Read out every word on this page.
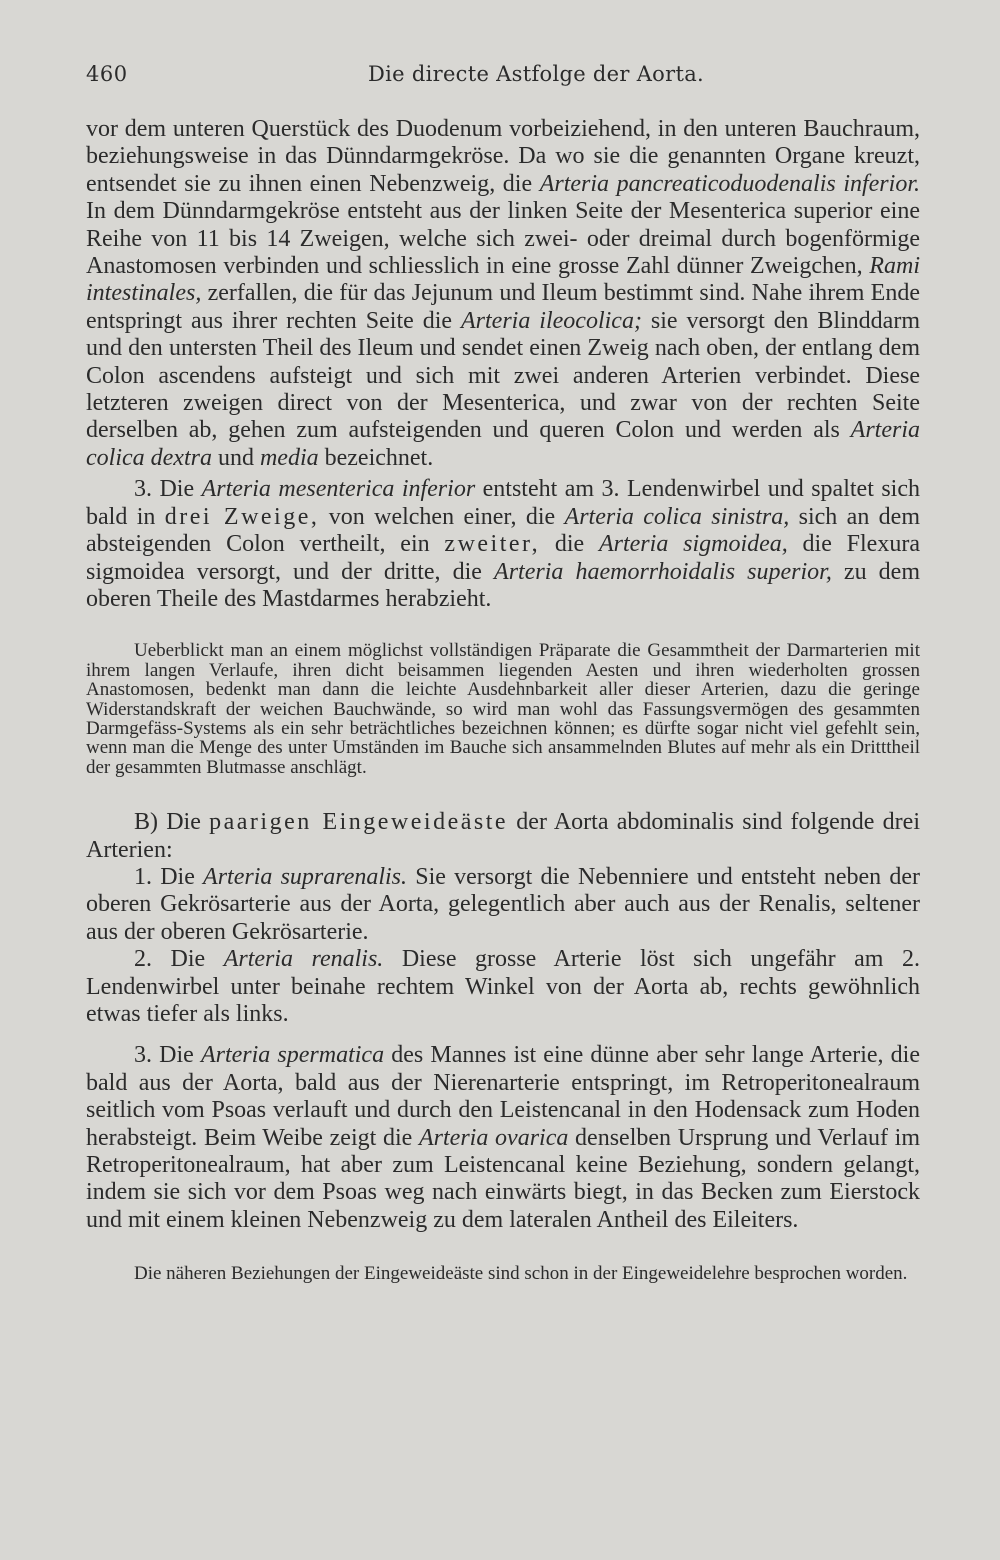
460	Die directe Astfolge der Aorta.

vor dem unteren Querstück des Duodenum vorbeiziehend, in den unteren Bauchraum, beziehungsweise in das Dünndarmgekröse. Da wo sie die genannten Organe kreuzt, entsendet sie zu ihnen einen Nebenzweig, die Arteria pancreaticoduodenalis inferior. In dem Dünndarmgekröse entsteht aus der linken Seite der Mesenterica superior eine Reihe von 11 bis 14 Zweigen, welche sich zwei- oder dreimal durch bogenförmige Anastomosen verbinden und schliesslich in eine grosse Zahl dünner Zweigchen, Rami intestinales, zerfallen, die für das Jejunum und Ileum bestimmt sind. Nahe ihrem Ende entspringt aus ihrer rechten Seite die Arteria ileocolica; sie versorgt den Blinddarm und den untersten Theil des Ileum und sendet einen Zweig nach oben, der entlang dem Colon ascendens aufsteigt und sich mit zwei anderen Arterien verbindet. Diese letzteren zweigen direct von der Mesenterica, und zwar von der rechten Seite derselben ab, gehen zum aufsteigenden und queren Colon und werden als Arteria colica dextra und media bezeichnet.

3. Die Arteria mesenterica inferior entsteht am 3. Lendenwirbel und spaltet sich bald in drei Zweige, von welchen einer, die Arteria colica sinistra, sich an dem absteigenden Colon vertheilt, ein zweiter, die Arteria sigmoidea, die Flexura sigmoidea versorgt, und der dritte, die Arteria haemorrhoidalis superior, zu dem oberen Theile des Mastdarmes herabzieht.

Ueberblickt man an einem möglichst vollständigen Präparate die Gesammtheit der Darmarterien mit ihrem langen Verlaufe, ihren dicht beisammen liegenden Aesten und ihren wiederholten grossen Anastomosen, bedenkt man dann die leichte Ausdehnbarkeit aller dieser Arterien, dazu die geringe Widerstandskraft der weichen Bauchwände, so wird man wohl das Fassungsvermögen des gesammten Darmgefäss-Systems als ein sehr beträchtliches bezeichnen können; es dürfte sogar nicht viel gefehlt sein, wenn man die Menge des unter Umständen im Bauche sich ansammelnden Blutes auf mehr als ein Dritttheil der gesammten Blutmasse anschlägt.

B) Die paarigen Eingeweideäste der Aorta abdominalis sind folgende drei Arterien:

1. Die Arteria suprarenalis. Sie versorgt die Nebenniere und entsteht neben der oberen Gekrösarterie aus der Aorta, gelegentlich aber auch aus der Renalis, seltener aus der oberen Gekrösarterie.

2. Die Arteria renalis. Diese grosse Arterie löst sich ungefähr am 2. Lendenwirbel unter beinahe rechtem Winkel von der Aorta ab, rechts gewöhnlich etwas tiefer als links.

3. Die Arteria spermatica des Mannes ist eine dünne aber sehr lange Arterie, die bald aus der Aorta, bald aus der Nierenarterie entspringt, im Retroperitonealraum seitlich vom Psoas verlauft und durch den Leistencanal in den Hodensack zum Hoden herabsteigt. Beim Weibe zeigt die Arteria ovarica denselben Ursprung und Verlauf im Retroperitonealraum, hat aber zum Leistencanal keine Beziehung, sondern gelangt, indem sie sich vor dem Psoas weg nach einwärts biegt, in das Becken zum Eierstock und mit einem kleinen Nebenzweig zu dem lateralen Antheil des Eileiters.

Die näheren Beziehungen der Eingeweideäste sind schon in der Eingeweidelehre besprochen worden.
